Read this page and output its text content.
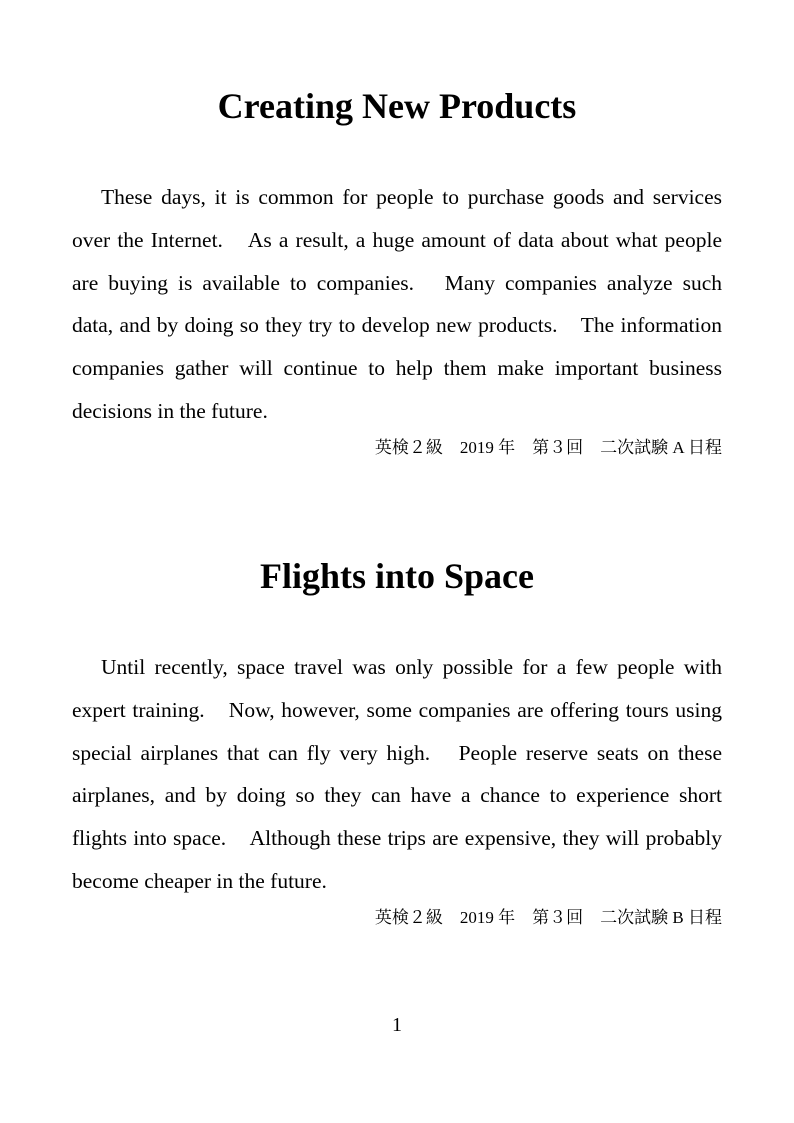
Creating New Products

These days, it is common for people to purchase goods and services over the Internet.　As a result, a huge amount of data about what people are buying is available to companies.　Many companies analyze such data, and by doing so they try to develop new products.　The information companies gather will continue to help them make important business decisions in the future.

英検２級　2019 年　第３回　二次試験 A 日程

Flights into Space

Until recently, space travel was only possible for a few people with expert training.　Now, however, some companies are offering tours using special airplanes that can fly very high.　People reserve seats on these airplanes, and by doing so they can have a chance to experience short flights into space.　Although these trips are expensive, they will probably become cheaper in the future.

英検２級　2019 年　第３回　二次試験 B 日程

1
